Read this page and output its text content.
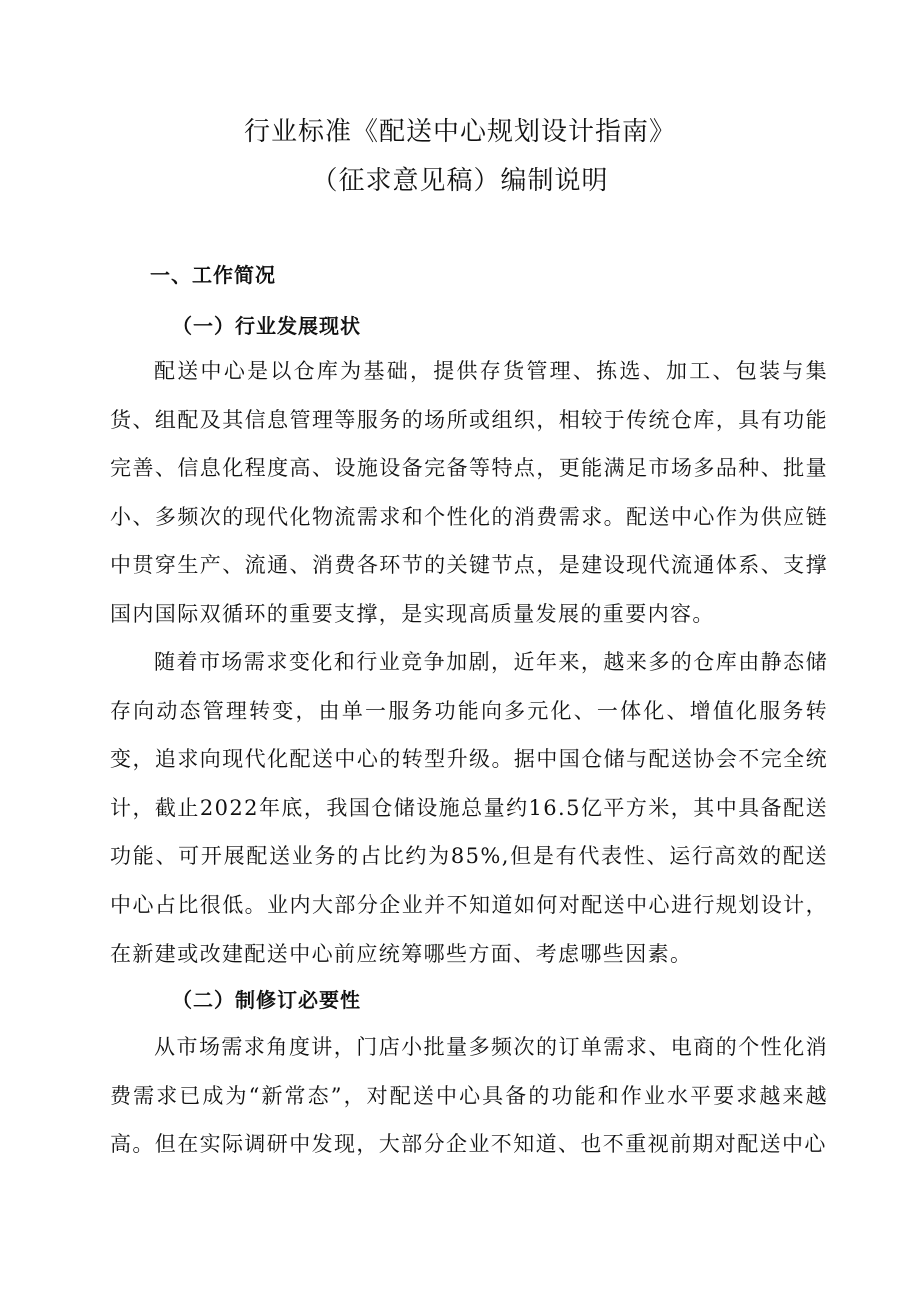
行业标准《配送中心规划设计指南》
（征求意见稿）编制说明
一、工作简况
（一）行业发展现状

配送中心是以仓库为基础，提供存货管理、拣选、加工、包装与集货、组配及其信息管理等服务的场所或组织，相较于传统仓库，具有功能完善、信息化程度高、设施设备完备等特点，更能满足市场多品种、批量小、多频次的现代化物流需求和个性化的消费需求。配送中心作为供应链中贯穿生产、流通、消费各环节的关键节点，是建设现代流通体系、支撑国内国际双循环的重要支撑，是实现高质量发展的重要内容。

随着市场需求变化和行业竞争加剧，近年来，越来多的仓库由静态储存向动态管理转变，由单一服务功能向多元化、一体化、增值化服务转变，追求向现代化配送中心的转型升级。据中国仓储与配送协会不完全统计，截止2022年底，我国仓储设施总量约16.5亿平方米，其中具备配送功能、可开展配送业务的占比约为85%,但是有代表性、运行高效的配送中心占比很低。业内大部分企业并不知道如何对配送中心进行规划设计，在新建或改建配送中心前应统筹哪些方面、考虑哪些因素。

（二）制修订必要性

从市场需求角度讲，门店小批量多频次的订单需求、电商的个性化消费需求已成为“新常态”，对配送中心具备的功能和作业水平要求越来越高。但在实际调研中发现，大部分企业不知道、也不重视前期对配送中心
